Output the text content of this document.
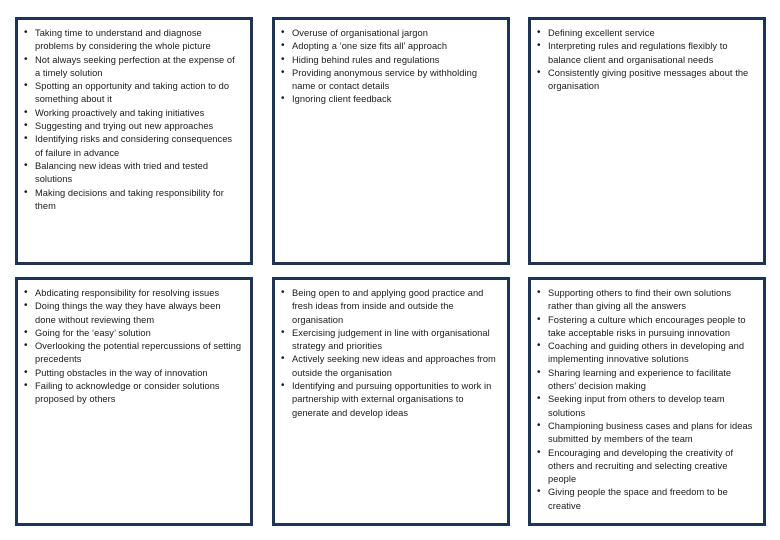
• Taking time to understand and diagnose problems by considering the whole picture
• Not always seeking perfection at the expense of a timely solution
• Spotting an opportunity and taking action to do something about it
• Working proactively and taking initiatives
• Suggesting and trying out new approaches
• Identifying risks and considering consequences of failure in advance
• Balancing new ideas with tried and tested solutions
• Making decisions and taking responsibility for them
• Overuse of organisational jargon
• Adopting a ‘one size fits all’ approach
• Hiding behind rules and regulations
• Providing anonymous service by withholding name or contact details
• Ignoring client feedback
• Defining excellent service
• Interpreting rules and regulations flexibly to balance client and organisational needs
• Consistently giving positive messages about the organisation
• Abdicating responsibility for resolving issues
• Doing things the way they have always been done without reviewing them
• Going for the ‘easy’ solution
• Overlooking the potential repercussions of setting precedents
• Putting obstacles in the way of innovation
• Failing to acknowledge or consider solutions proposed by others
• Being open to and applying good practice and fresh ideas from inside and outside the organisation
• Exercising judgement in line with organisational strategy and priorities
• Actively seeking new ideas and approaches from outside the organisation
• Identifying and pursuing opportunities to work in partnership with external organisations to generate and develop ideas
• Supporting others to find their own solutions rather than giving all the answers
• Fostering a culture which encourages people to take acceptable risks in pursuing innovation
• Coaching and guiding others in developing and implementing innovative solutions
• Sharing learning and experience to facilitate others’ decision making
• Seeking input from others to develop team solutions
• Championing business cases and plans for ideas submitted by members of the team
• Encouraging and developing the creativity of others and recruiting and selecting creative people
• Giving people the space and freedom to be creative
